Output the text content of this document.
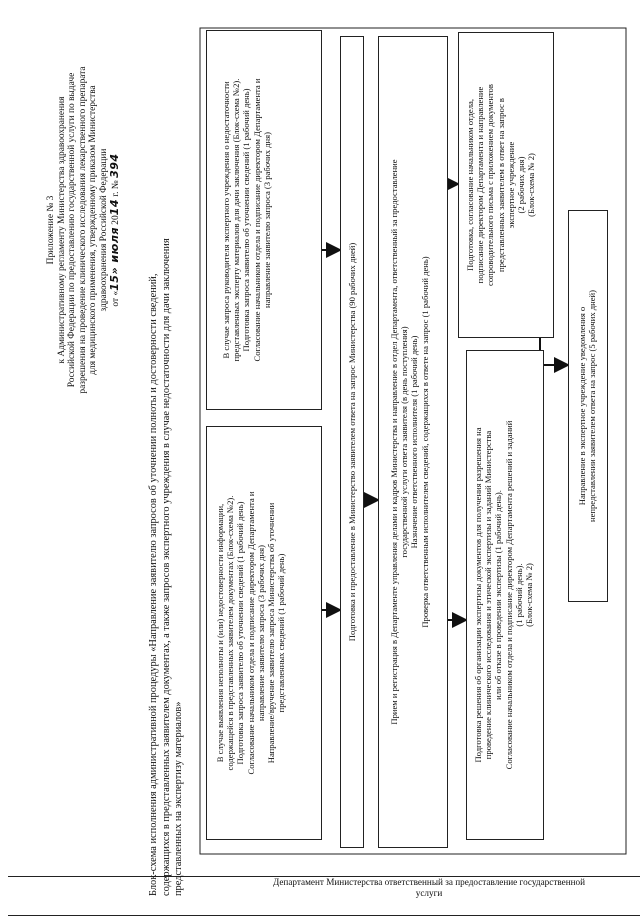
Департамент Министерства ответственный за предоставление государственной
услуги
Приложение № 3 к Административному регламенту Министерства здравоохранения Российской Федерации по предоставлению государственной услуги по выдаче разрешения на проведение клинического исследования лекарственного препарата для медицинского применения, утвержденному приказом Министерства здравоохранения Российской Федерации от «15» июля 2014 г. № 394
Блок-схема исполнения административной процедуры «Направление заявителю запросов об уточнении полноты и достоверности сведений, содержащихся в представленных заявителем документах, а также запросов экспертного учреждения в случае недостаточности для дачи заключения представленных на экспертизу материалов»
В случае выявления неполноты и (или) недостоверности информации, содержащейся в представленных заявителем документах (Блок-схема №2). Подготовка запроса заявителю об уточнении сведений (1 рабочий день) Согласование начальником отдела и подписание директором Департамента и направление заявителю запроса (3 рабочих дня) Направление/вручение заявителю запроса Министерства об уточнении представленных сведений (1 рабочий день)
В случае запроса руководителя экспертного учреждения о недостаточности представленных эксперту материалов для дачи заключения (Блок-схема №2). Подготовка запроса заявителю об уточнении сведений (1 рабочий день) Согласование начальником отдела и подписание директором Департамента и направление заявителю запроса (3 рабочих дня)
Подготовка и предоставление в Министерство заявителем ответа на запрос Министерства (90 рабочих дней)	Прием и регистрация в Департаменте управления делами и кадров Министерства и направление в отдел Департамента, ответственный за предоставление государственной услуги ответа заявителя (в день поступления) Назначение ответственного исполнителя (1 рабочий день) Проверка ответственным исполнителем сведений, содержащихся в ответе на запрос (1 рабочий день)	Подготовка решения об организации экспертизы документов для получения разрешения на проведение клинического исследования и этической экспертизы и заданий Министерства или об отказе в проведении экспертизы (1 рабочий день). Согласование начальником отдела и подписание директором Департамента решений и заданий (1 рабочий день). (Блок-схема № 2)
Подготовка, согласование начальником отдела, подписание директором Департамента и направление сопроводительного письма с приложением документов представленных заявителем в ответ на запрос в экспертное учреждение (2 рабочих дня) (Блок-схема № 2)
Направление в экспертное учреждение уведомления о непредставлении заявителем ответа на запрос (5 рабочих дней)
